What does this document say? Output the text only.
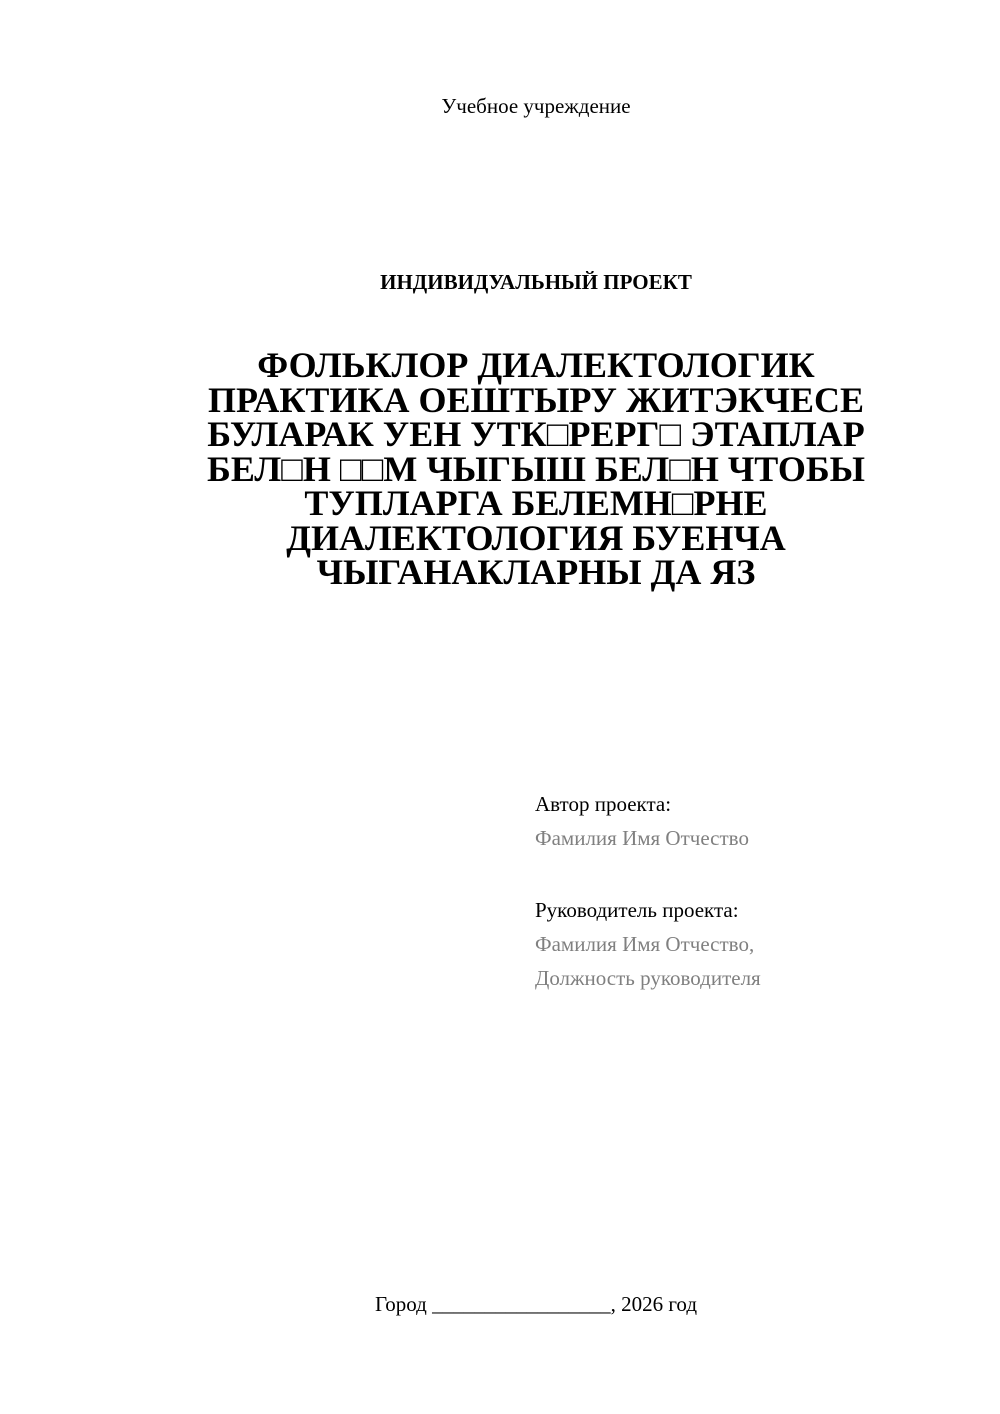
Учебное учреждение
ИНДИВИДУАЛЬНЫЙ ПРОЕКТ
ФОЛЬКЛОР ДИАЛЕКТОЛОГИК
ПРАКТИКА ОЕШТЫРУ ЖИТЭКЧЕСЕ
БУЛАРАК УЕН УТК□РЕРГ□ ЭТАПЛАР
БЕЛ□Н □□М ЧЫГЫШ БЕЛ□Н ЧТОБЫ
ТУПЛАРГА БЕЛЕМН□РНЕ
ДИАЛЕКТОЛОГИЯ БУЕНЧА
ЧЫГАНАКЛАРНЫ ДА ЯЗ
Автор проекта:
Фамилия Имя Отчество
Руководитель проекта:
Фамилия Имя Отчество,
Должность руководителя
Город _________________, 2026 год
